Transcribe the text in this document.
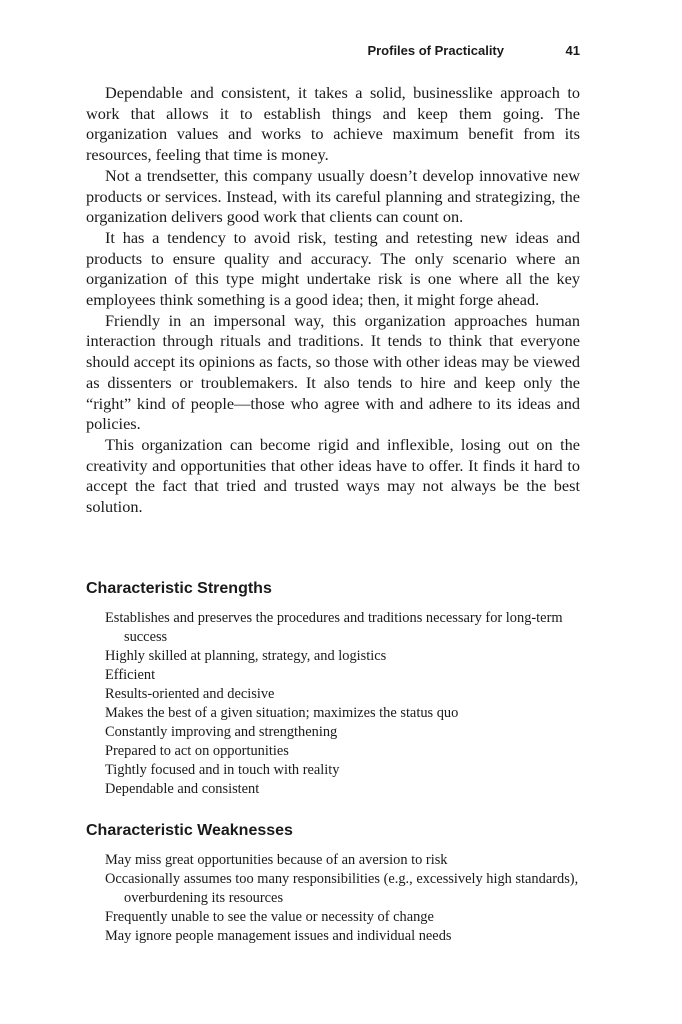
Profiles of Practicality	41

Dependable and consistent, it takes a solid, businesslike approach to work that allows it to establish things and keep them going. The organization values and works to achieve maximum benefit from its resources, feeling that time is money.

Not a trendsetter, this company usually doesn’t develop innovative new products or services. Instead, with its careful planning and strategizing, the organization delivers good work that clients can count on.

It has a tendency to avoid risk, testing and retesting new ideas and products to ensure quality and accuracy. The only scenario where an organization of this type might undertake risk is one where all the key employees think something is a good idea; then, it might forge ahead.

Friendly in an impersonal way, this organization approaches human interaction through rituals and traditions. It tends to think that everyone should accept its opinions as facts, so those with other ideas may be viewed as dissenters or troublemakers. It also tends to hire and keep only the “right” kind of people—those who agree with and adhere to its ideas and policies.

This organization can become rigid and inflexible, losing out on the creativity and opportunities that other ideas have to offer. It finds it hard to accept the fact that tried and trusted ways may not always be the best solution.

Characteristic Strengths
Establishes and preserves the procedures and traditions necessary for long-term success
Highly skilled at planning, strategy, and logistics
Efficient
Results-oriented and decisive
Makes the best of a given situation; maximizes the status quo
Constantly improving and strengthening
Prepared to act on opportunities
Tightly focused and in touch with reality
Dependable and consistent
Characteristic Weaknesses
May miss great opportunities because of an aversion to risk
Occasionally assumes too many responsibilities (e.g., excessively high standards), overburdening its resources
Frequently unable to see the value or necessity of change
May ignore people management issues and individual needs
